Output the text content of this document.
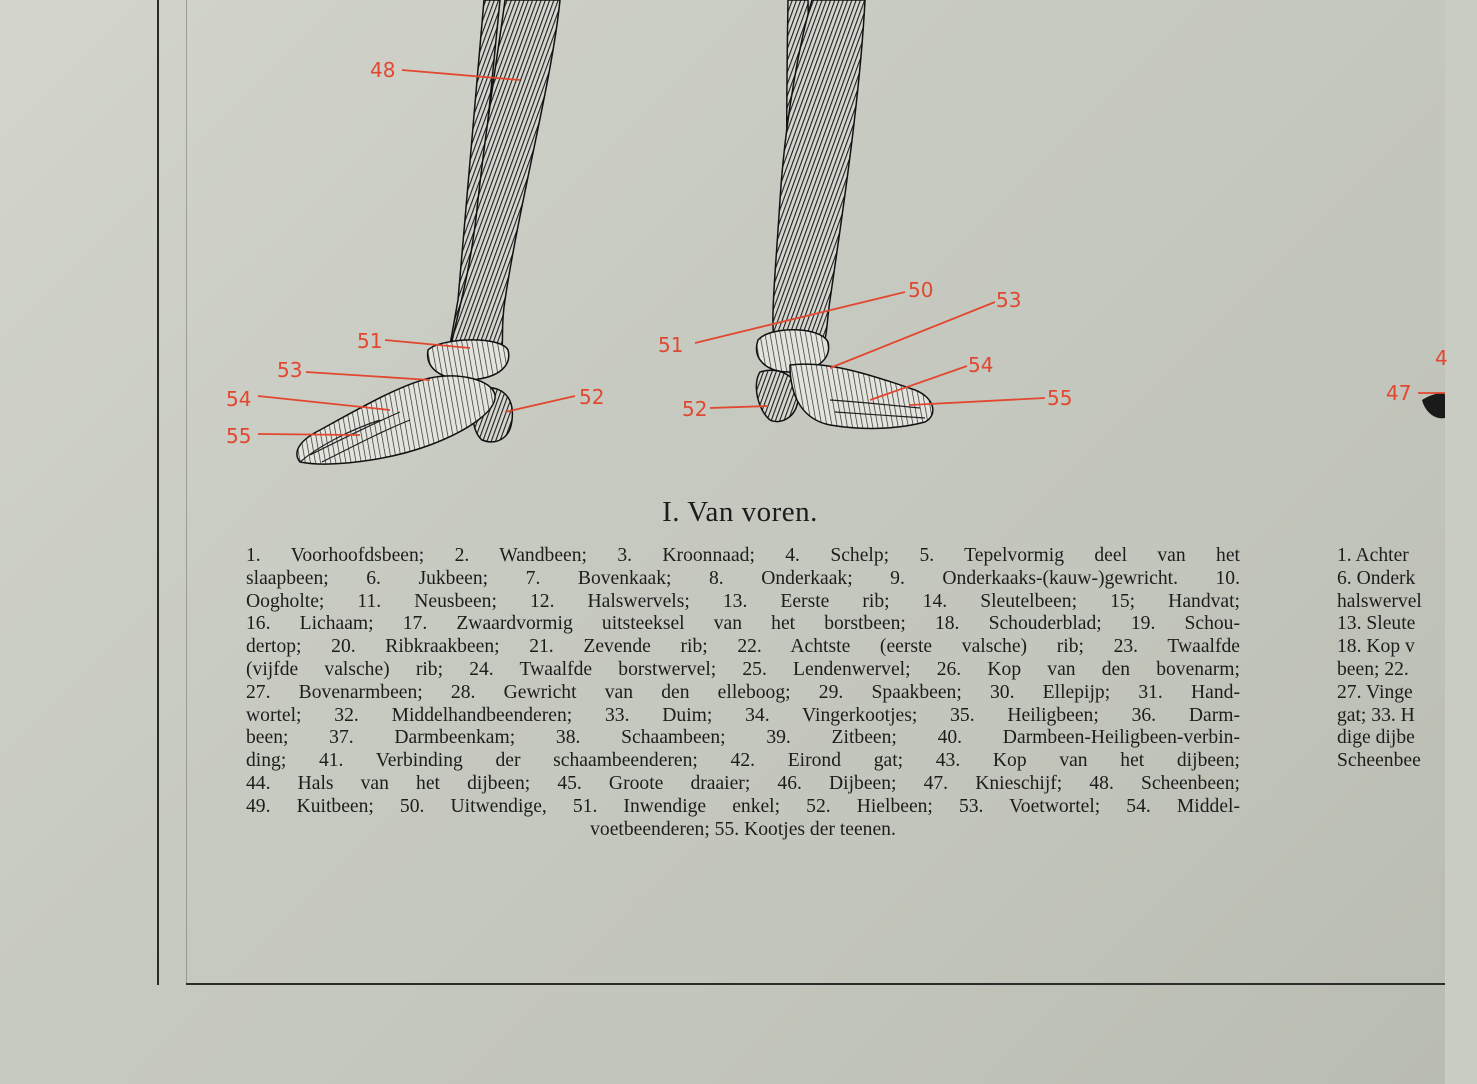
48
51
53
54
55
52
50	53
51
54
52	55	47
4
I. Van voren.
1. Voorhoofdsbeen; 2. Wandbeen; 3. Kroonnaad; 4. Schelp; 5. Tepelvormig deel van het
slaapbeen; 6. Jukbeen; 7. Bovenkaak; 8. Onderkaak; 9. Onderkaaks-(kauw-)gewricht. 10.
Oogholte; 11. Neusbeen; 12. Halswervels; 13. Eerste rib; 14. Sleutelbeen; 15; Handvat;
16. Lichaam; 17. Zwaardvormig uitsteeksel van het borstbeen; 18. Schouderblad; 19. Schou-
dertop; 20. Ribkraakbeen; 21. Zevende rib; 22. Achtste (eerste valsche) rib; 23. Twaalfde
(vijfde valsche) rib; 24. Twaalfde borstwervel; 25. Lendenwervel; 26. Kop van den bovenarm;
27. Bovenarmbeen; 28. Gewricht van den elleboog; 29. Spaakbeen; 30. Ellepijp; 31. Hand-
wortel; 32. Middelhandbeenderen; 33. Duim; 34. Vingerkootjes; 35. Heiligbeen; 36. Darm-
been; 37. Darmbeenkam; 38. Schaambeen; 39. Zitbeen; 40. Darmbeen-Heiligbeen-verbin-
ding; 41. Verbinding der schaambeenderen; 42. Eirond gat; 43. Kop van het dijbeen;
44. Hals van het dijbeen; 45. Groote draaier; 46. Dijbeen; 47. Knieschijf; 48. Scheenbeen;
49. Kuitbeen; 50. Uitwendige, 51. Inwendige enkel; 52. Hielbeen; 53. Voetwortel; 54. Middel-
voetbeenderen; 55. Kootjes der teenen.
1. Achter
6. Onderk
halswervel
13. Sleute
18. Kop v
been; 22.
27. Vinge
gat; 33. H
dige dijbe
Scheenbee
